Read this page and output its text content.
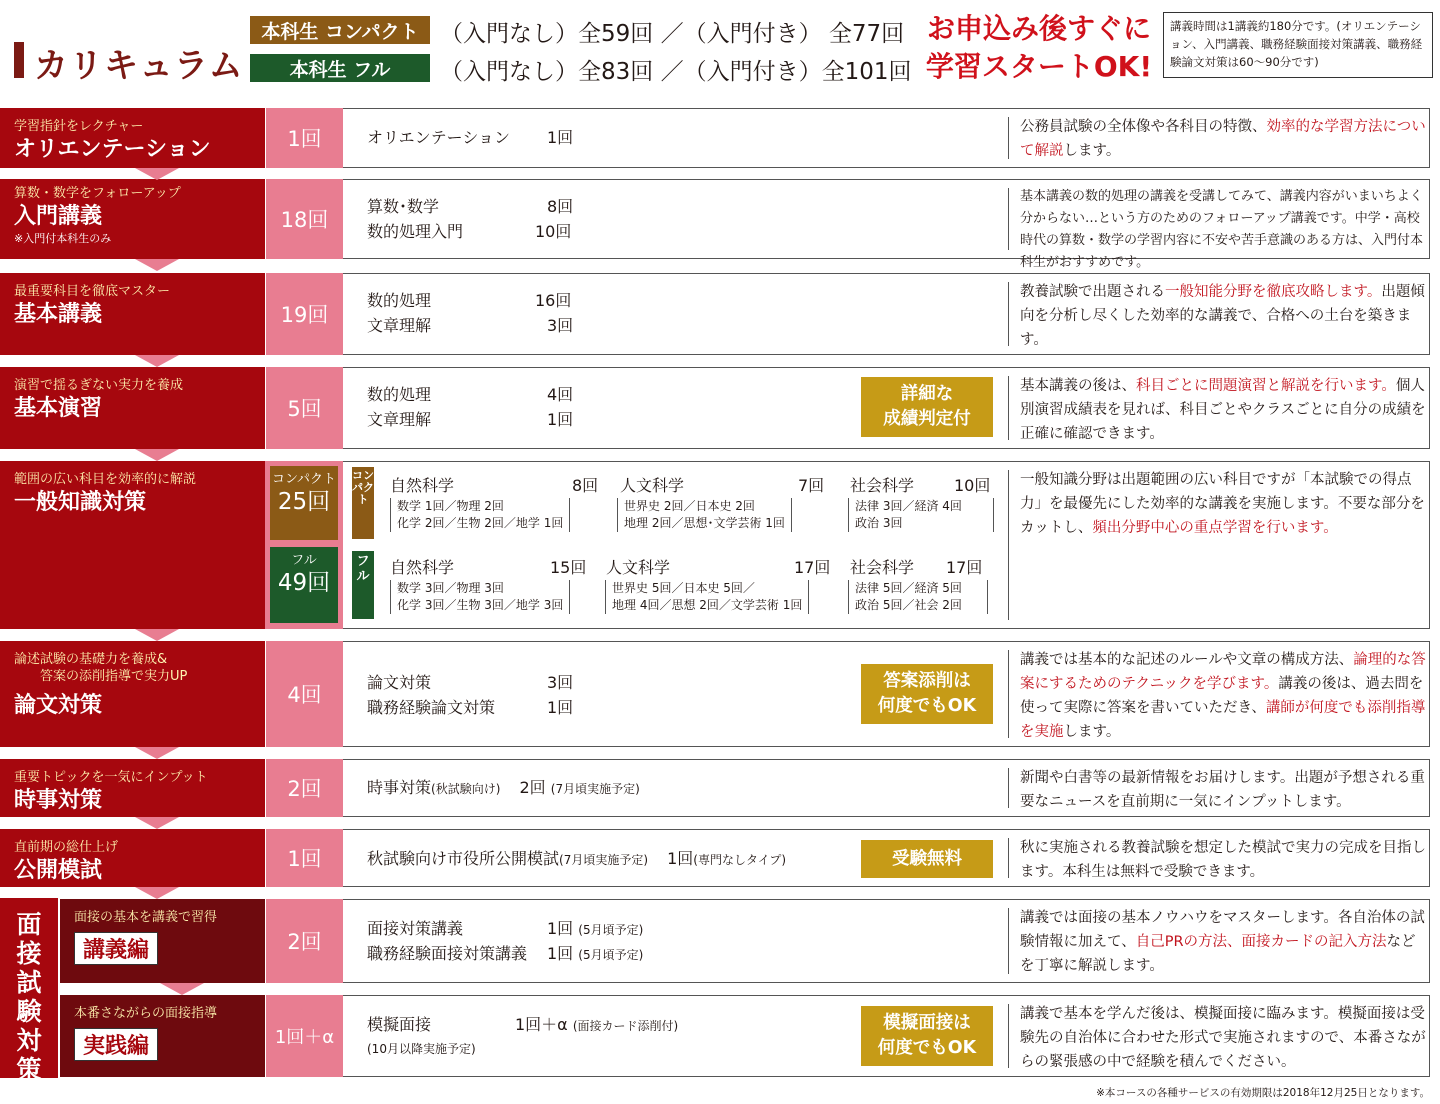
カリキュラム
本科生 コンパクト （入門なし）全59回 ／（入門付き） 全77回
本科生 フル	（入門なし）全83回 ／（入門付き）全101回
お申込み後すぐに
学習スタートOK!
講義時間は1講義約180分です。(オリエンテーション、入門講義、職務経験面接対策講義、職務経験論文対策は60～90分です)
学習指針をレクチャー
オリエンテーション	1回	オリエンテーション 1回
公務員試験の全体像や各科目の特徴、効率的な学習方法について解説します。
算数・数学をフォローアップ
入門講義
※入門付本科生のみ
18回
算数･数学	8回
数的処理入門	10回
基本講義の数的処理の講義を受講してみて、講義内容がいまいちよく分からない…という方のためのフォローアップ講義です。中学・高校時代の算数・数学の学習内容に不安や苦手意識のある方は、入門付本科生がおすすめです。
最重要科目を徹底マスター
基本講義	19回
数的処理	16回
文章理解	3回
教養試験で出題される一般知能分野を徹底攻略します。出題傾向を分析し尽くした効率的な講義で、合格への土台を築きます。
演習で揺るぎない実力を養成
基本演習	5回
数的処理	4回
文章理解	1回
詳細な
成績判定付
基本講義の後は、科目ごとに問題演習と解説を行います。個人別演習成績表を見れば、科目ごとやクラスごとに自分の成績を正確に確認できます。
範囲の広い科目を効率的に解説
一般知識対策
コンパクト
25回
フル
49回
コンパクト
自然科学	8回
数学 1回／物理 2回
化学 2回／生物 2回／地学 1回
人文科学	7回
世界史 2回／日本史 2回
地理 2回／思想･文学芸術 1回
社会科学 10回
法律 3回／経済 4回
政治 3回
フル 自然科学	15回
数学 3回／物理 3回
化学 3回／生物 3回／地学 3回
人文科学	17回
世界史 5回／日本史 5回／
地理 4回／思想 2回／文学芸術 1回
社会科学 17回
法律 5回／経済 5回
政治 5回／社会 2回
一般知識分野は出題範囲の広い科目ですが「本試験での得点力」を最優先にした効率的な講義を実施します。不要な部分をカットし、頻出分野中心の重点学習を行います。
論述試験の基礎力を養成&
答案の添削指導で実力UP
論文対策	4回
論文対策	3回
職務経験論文対策	1回
答案添削は
何度でもOK
講義では基本的な記述のルールや文章の構成方法、論理的な答案にするためのテクニックを学びます。講義の後は、過去問を使って実際に答案を書いていただき、講師が何度でも添削指導を実施します。
重要トピックを一気にインプット
時事対策	2回	時事対策(秋試験向け) 2回 (7月頃実施予定)
新聞や白書等の最新情報をお届けします。出題が予想される重要なニュースを直前期に一気にインプットします。
直前期の総仕上げ
公開模試	1回	秋試験向け市役所公開模試(7月頃実施予定) 1回(専門なしタイプ)	受験無料
秋に実施される教養試験を想定した模試で実力の完成を目指します。本科生は無料で受験できます。
面接試験対策
面接の基本を講義で習得
講義編	2回
面接対策講義	1回 (5月頃予定)
職務経験面接対策講義 1回 (5月頃予定)
講義では面接の基本ノウハウをマスターします。各自治体の試験情報に加えて、自己PRの方法、面接カードの記入方法などを丁寧に解説します。
本番さながらの面接指導
実践編	1回＋α
模擬面接	1回＋α (面接カード添削付)
(10月以降実施予定)
模擬面接は
何度でもOK
講義で基本を学んだ後は、模擬面接に臨みます。模擬面接は受験先の自治体に合わせた形式で実施されますので、本番さながらの緊張感の中で経験を積んでください。
※本コースの各種サービスの有効期限は2018年12月25日となります。
